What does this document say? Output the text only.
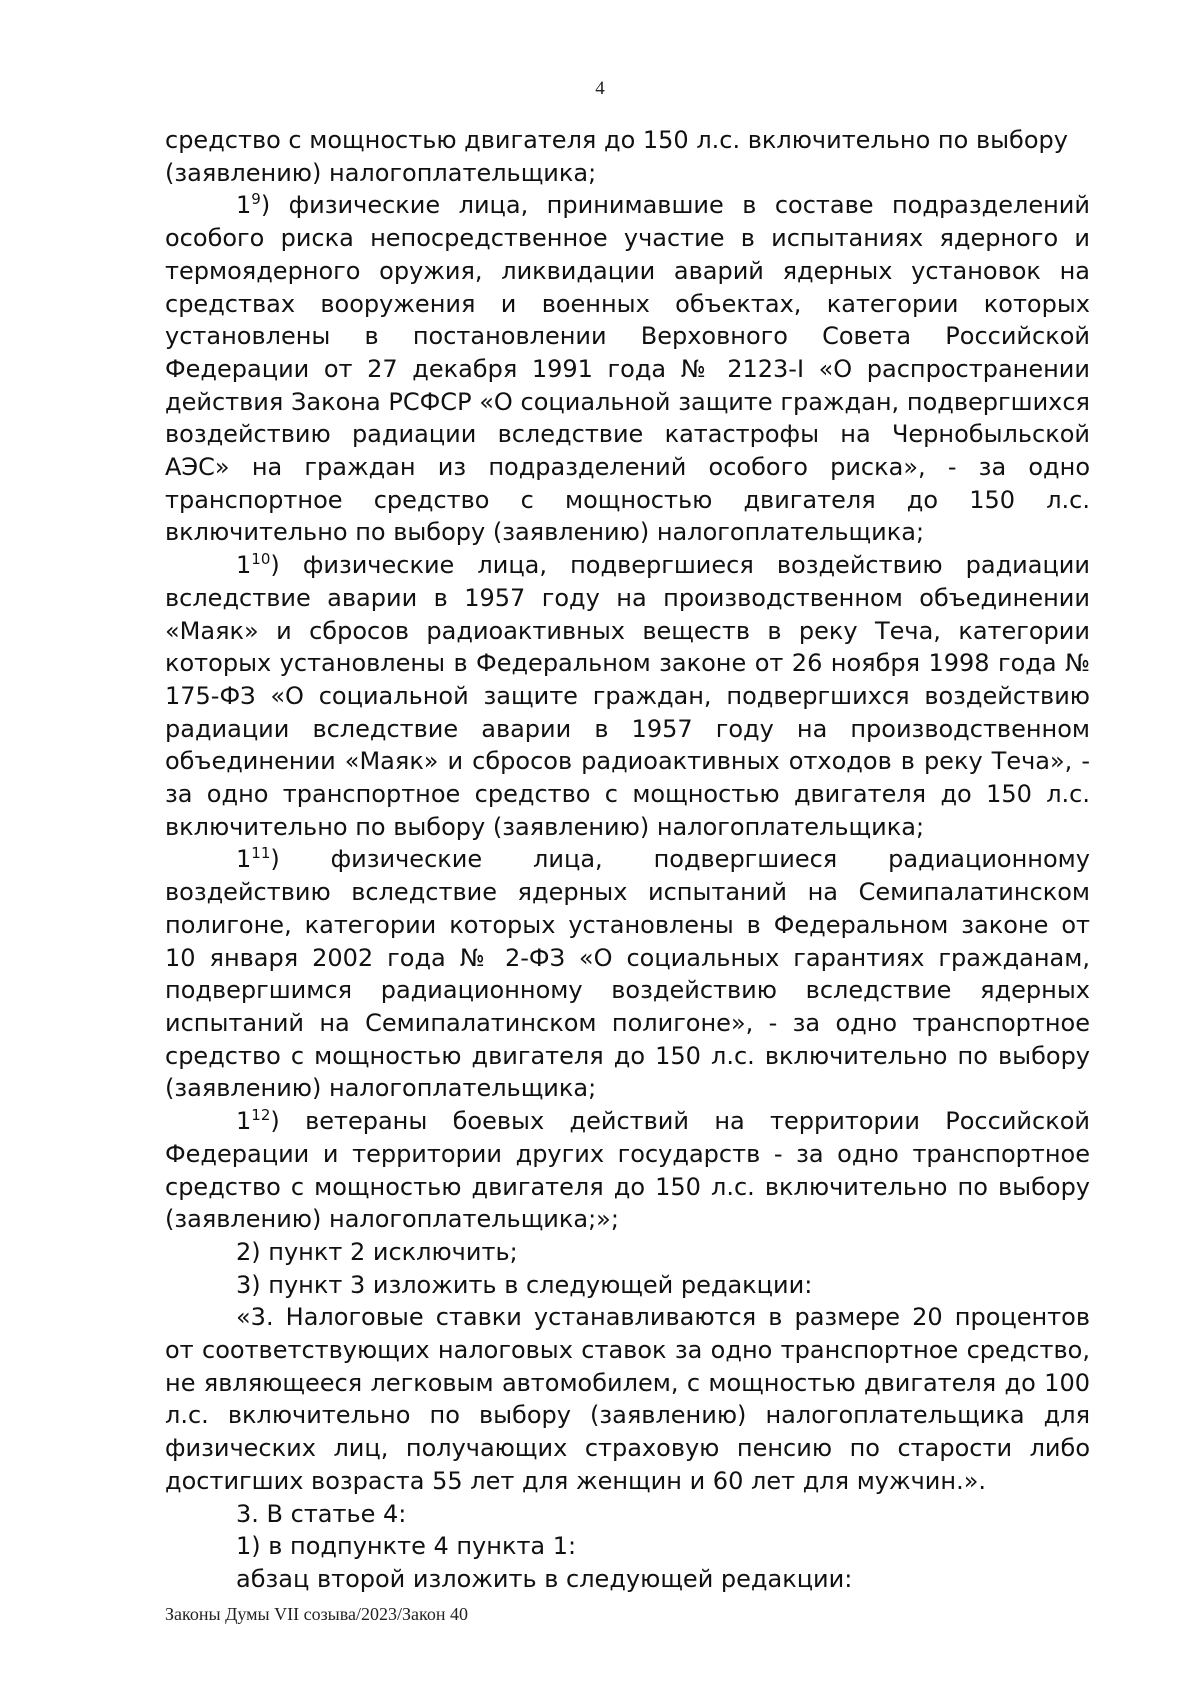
4

средство с мощностью двигателя до 150 л.с. включительно по выбору (заявлению) налогоплательщика;

$1^9$) физические лица, принимавшие в составе подразделений особого риска непосредственное участие в испытаниях ядерного и термоядерного оружия, ликвидации аварий ядерных установок на средствах вооружения и военных объектах, категории которых установлены в постановлении Верховного Совета Российской Федерации от 27 декабря 1991 года № 2123-I «О распространении действия Закона РСФСР «О социальной защите граждан, подвергшихся воздействию радиации вследствие катастрофы на Чернобыльской АЭС» на граждан из подразделений особого риска», - за одно транспортное средство с мощностью двигателя до 150 л.с. включительно по выбору (заявлению) налогоплательщика;

$1^{10}$) физические лица, подвергшиеся воздействию радиации вследствие аварии в 1957 году на производственном объединении «Маяк» и сбросов радиоактивных веществ в реку Теча, категории которых установлены в Федеральном законе от 26 ноября 1998 года № 175-ФЗ «О социальной защите граждан, подвергшихся воздействию радиации вследствие аварии в 1957 году на производственном объединении «Маяк» и сбросов радиоактивных отходов в реку Теча», - за одно транспортное средство с мощностью двигателя до 150 л.с. включительно по выбору (заявлению) налогоплательщика;

$1^{11}$) физические лица, подвергшиеся радиационному воздействию вследствие ядерных испытаний на Семипалатинском полигоне, категории которых установлены в Федеральном законе от 10 января 2002 года № 2-ФЗ «О социальных гарантиях гражданам, подвергшимся радиационному воздействию вследствие ядерных испытаний на Семипалатинском полигоне», - за одно транспортное средство с мощностью двигателя до 150 л.с. включительно по выбору (заявлению) налогоплательщика;

$1^{12}$) ветераны боевых действий на территории Российской Федерации и территории других государств - за одно транспортное средство с мощностью двигателя до 150 л.с. включительно по выбору (заявлению) налогоплательщика;»;

2) пункт 2 исключить;

3) пункт 3 изложить в следующей редакции:

«3. Налоговые ставки устанавливаются в размере 20 процентов от соответствующих налоговых ставок за одно транспортное средство, не являющееся легковым автомобилем, с мощностью двигателя до 100 л.с. включительно по выбору (заявлению) налогоплательщика для физических лиц, получающих страховую пенсию по старости либо достигших возраста 55 лет для женщин и 60 лет для мужчин.».

3. В статье 4:

1) в подпункте 4 пункта 1:

абзац второй изложить в следующей редакции:

Законы Думы VII созыва/2023/Закон 40
